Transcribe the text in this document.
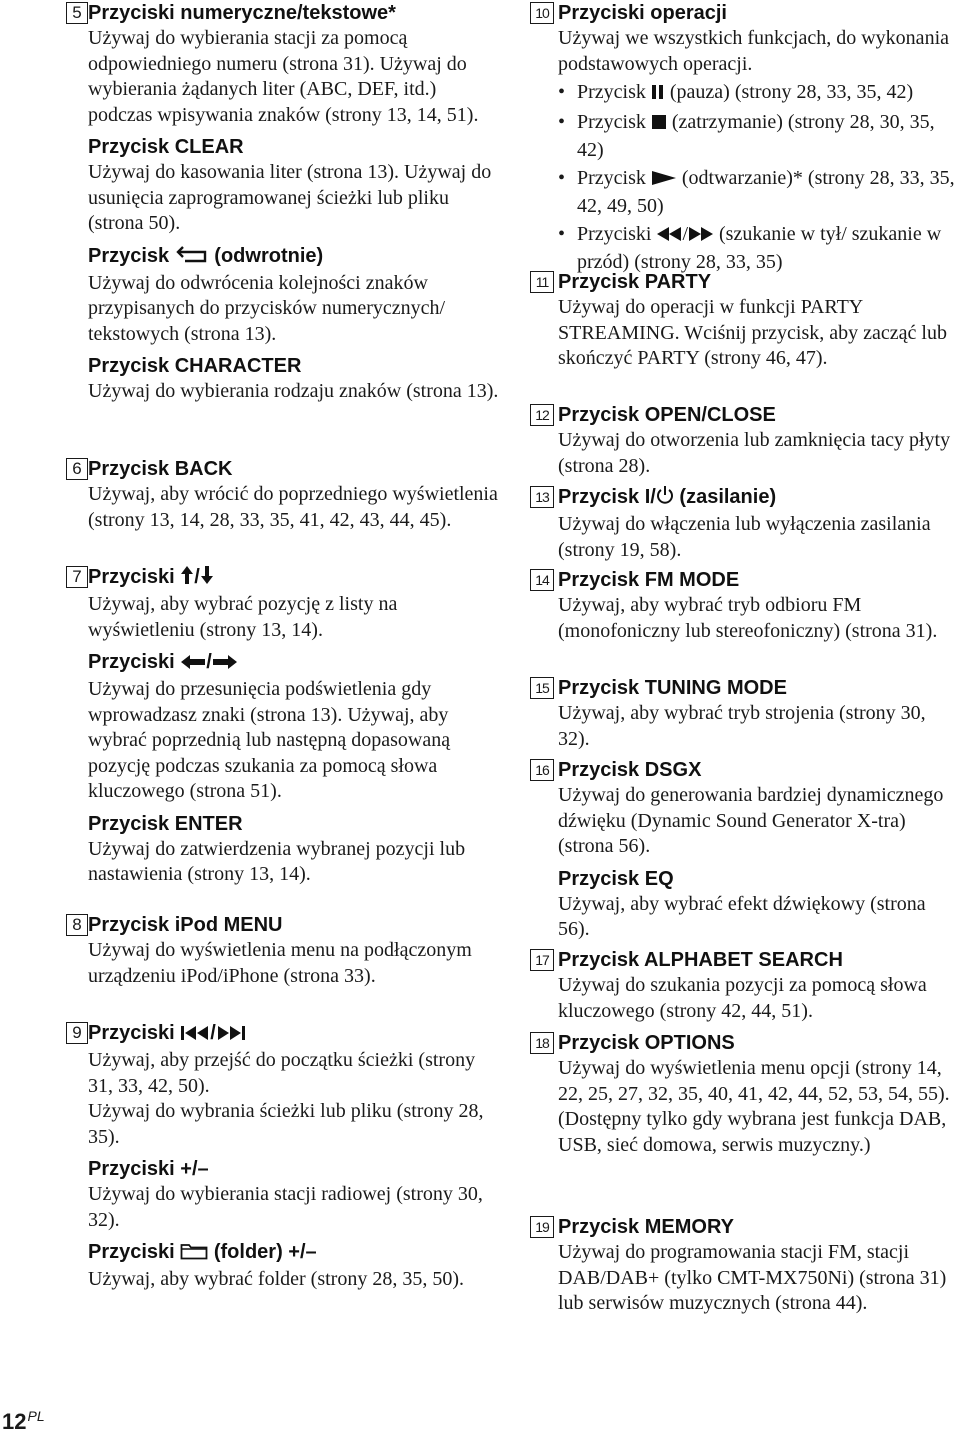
5 Przyciski numeryczne/tekstowe*
Używaj do wybierania stacji za pomocą odpowiedniego numeru (strona 31). Używaj do wybierania żądanych liter (ABC, DEF, itd.) podczas wpisywania znaków (strony 13, 14, 51).
Przycisk CLEAR
Używaj do kasowania liter (strona 13). Używaj do usunięcia zaprogramowanej ścieżki lub pliku (strona 50).
Przycisk (odwrotnie)
Używaj do odwrócenia kolejności znaków przypisanych do przycisków numerycznych/ tekstowych (strona 13).
Przycisk CHARACTER
Używaj do wybierania rodzaju znaków (strona 13).
6 Przycisk BACK
Używaj, aby wrócić do poprzedniego wyświetlenia (strony 13, 14, 28, 33, 35, 41, 42, 43, 44, 45).
7 Przyciski /
Używaj, aby wybrać pozycję z listy na wyświetleniu (strony 13, 14).
Przyciski /
Używaj do przesunięcia podświetlenia gdy wprowadzasz znaki (strona 13). Używaj, aby wybrać poprzednią lub następną dopasowaną pozycję podczas szukania za pomocą słowa kluczowego (strona 51).
Przycisk ENTER
Używaj do zatwierdzenia wybranej pozycji lub nastawienia (strony 13, 14).
8 Przycisk iPod MENU
Używaj do wyświetlenia menu na podłączonym urządzeniu iPod/iPhone (strona 33).
9 Przyciski /
Używaj, aby przejść do początku ścieżki (strony 31, 33, 42, 50).
Używaj do wybrania ścieżki lub pliku (strony 28, 35).
Przyciski +/–
Używaj do wybierania stacji radiowej (strony 30, 32).
Przyciski (folder) +/–
Używaj, aby wybrać folder (strony 28, 35, 50).
10 Przyciski operacji
Używaj we wszystkich funkcjach, do wykonania podstawowych operacji.
• Przycisk (pauza) (strony 28, 33, 35, 42)
• Przycisk (zatrzymanie) (strony 28, 30, 35, 42)
• Przycisk (odtwarzanie)* (strony 28, 33, 35, 42, 49, 50)
• Przyciski / (szukanie w tył/ szukanie w przód) (strony 28, 33, 35)
11 Przycisk PARTY
Używaj do operacji w funkcji PARTY STREAMING. Wciśnij przycisk, aby zacząć lub skończyć PARTY (strony 46, 47).
12 Przycisk OPEN/CLOSE
Używaj do otworzenia lub zamknięcia tacy płyty (strona 28).
13 Przycisk I/ (zasilanie)
Używaj do włączenia lub wyłączenia zasilania (strony 19, 58).
14 Przycisk FM MODE
Używaj, aby wybrać tryb odbioru FM (monofoniczny lub stereofoniczny) (strona 31).
15 Przycisk TUNING MODE
Używaj, aby wybrać tryb strojenia (strony 30, 32).
16 Przycisk DSGX
Używaj do generowania bardziej dynamicznego dźwięku (Dynamic Sound Generator X-tra) (strona 56).
Przycisk EQ
Używaj, aby wybrać efekt dźwiękowy (strona 56).
17 Przycisk ALPHABET SEARCH
Używaj do szukania pozycji za pomocą słowa kluczowego (strony 42, 44, 51).
18 Przycisk OPTIONS
Używaj do wyświetlenia menu opcji (strony 14, 22, 25, 27, 32, 35, 40, 41, 42, 44, 52, 53, 54, 55).
(Dostępny tylko gdy wybrana jest funkcja DAB, USB, sieć domowa, serwis muzyczny.)
19 Przycisk MEMORY
Używaj do programowania stacji FM, stacji DAB/DAB+ (tylko CMT-MX750Ni) (strona 31) lub serwisów muzycznych (strona 44).
$12^{PL}$
